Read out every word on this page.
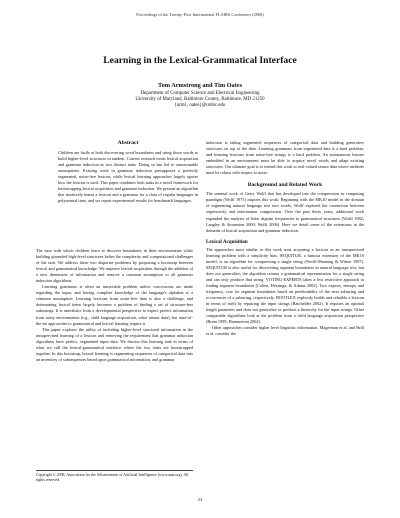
Proceedings of the Twenty-First International FLAIRS Conference (2008)
Learning in the Lexical-Grammatical Interface
Tom Armstrong and Tim Oates
Department of Computer Science and Electrical Engineering
University of Maryland, Baltimore County, Baltimore, MD 21250
{arm1, oates}@umbc.edu
Abstract

Children are facile at both discovering word boundaries and using those words to build higher-level structures in tandem. Current research treats lexical acquisition and grammar induction as two distinct tasks. Doing so has led to unreasonable assumptions. Existing work in grammar induction presupposes a perfectly segmented, noise-free lexicon, while lexical learning approaches largely ignore how the lexicon is used. This paper combines both tasks in a novel framework for bootstrapping lexical acquisition and grammar induction. We present an algorithm that iteratively learns a lexicon and a grammar for a class of regular languages in polynomial time, and we report experimental results for benchmark languages.

The ease with which children learn to discover boundaries in their environments while building grounded high-level structures belies the complexity and computational challenges of the task. We address these two disparate problems by proposing a bootstrap between lexical and grammatical knowledge. We improve lexical acquisition through the addition of a new dimension of information and remove a common assumption to all grammar induction algorithms.

Learning grammars is often an intractable problem unless concessions are made regarding the input, and having complete knowledge of the language's alphabet is a common assumption. Learning lexicons from noise-free data is also a challenge, and determining lexical items largely becomes a problem of finding a set of structure-less substrings. It is unrealistic from a developmental perspective to expect perfect information from noisy environments (e.g., child language acquisition, robot sensor data), but state-of-the-art approaches to grammatical and lexical learning require it.

This paper explores the utility of including higher-level structural information in the unsupervised learning of a lexicon and removing the requirement that grammar induction algorithms have perfect, segmented input data. We discuss this learning task in terms of what we call the lexical-grammatical interface where the two tasks are bootstrapped together. In this bootstrap, lexical learning is segmenting sequences of categorical data into an inventory of subsequences based upon grammatical information, and grammar

Copyright © 2008, Association for the Advancement of Artificial Intelligence (www.aaai.org). All rights reserved.

induction is taking segmented sequences of categorical data and building generative structures on top of the data. Learning grammars from segmented data is a hard problem, and learning lexicons from noise-free strings is a hard problem. An autonomous learner embedded in an environment must be able to acquire novel words and adapt existing structures. Our ultimate goal is to extend this work to real-valued sensor data where methods must be robust with respect to noise.

Background and Related Work

The seminal work of Gerry Wolff that has developed into the compression as computing paradigm (Wolff 1975) inspires this work. Beginning with the MK10 model in the domain of segmenting natural language text into words, Wolff explored the connection between expressivity and information compression. Over the past thirty years, additional work expanded the analysis of letter digram frequencies to grammatical structures (Wolff 1982; Langley & Stromsten 2000; Wolff 2006). Here we detail some of the extensions in the domains of lexical acquisition and grammar induction.

Lexical Acquisition

The approaches most similar to this work treat acquiring a lexicon as an unsupervised learning problem with a simplicity bias. SEQUITUR, a famous extension of the MK10 model, is an algorithm for compressing a single string (Nevill-Manning & Witten 1997). SEQUITUR is also useful for discovering segment boundaries in natural language text, but does not generalize; the algorithm returns a grammatical representation for a single string and can only produce that string. VOTING-EXPERTS takes a less restrictive approach to finding segment boundaries (Cohen, Heeringa, & Adams 2002). Two experts, entropy and frequency, vote for segment boundaries based on predictability of the next substring and occurrences of a substring, respectively. BOOTLEX explicitly builds and rebuilds a lexicon in terms of itself by repairing the input strings (Batchelder 2002). It requires an optimal length parameter and does not generalize or produce a hierarchy for the input strings. Other comparable algorithms look at the problem from a child language acquisition perspective (Brent 1999; Hammerton 2002).

Other approaches consider higher level linguistic information. Magerman et al. and Brill et al. consider the

23
